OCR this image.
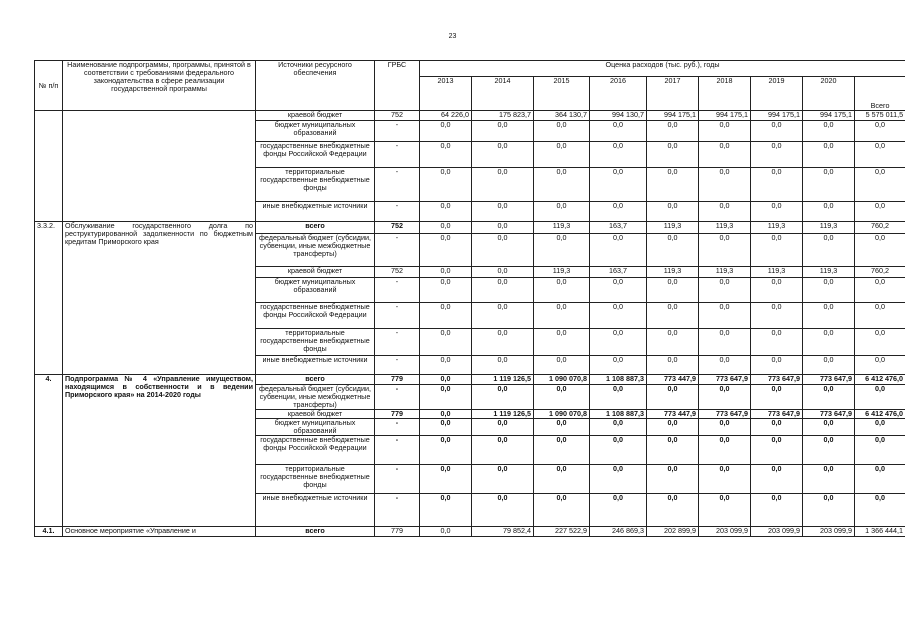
23
№ п/п	Наименование подпрограммы, программы, принятой в соответствии с требованиями федерального законодательства в сфере реализации государственной программы	Источники ресурсного обеспечения	ГРБС	Оценка расходов (тыс. руб.), годы								
				2013	2014	2015	2016	2017	2018	2019	2020	Всего
		краевой бюджет	752	64 226,0	175 823,7	364 130,7	994 130,7	994 175,1	994 175,1	994 175,1	994 175,1	5 575 011,5
		бюджет муниципальных образований	-	0,0	0,0	0,0	0,0	0,0	0,0	0,0	0,0	0,0
		государственные внебюджетные фонды Российской Федерации	-	0,0	0,0	0,0	0,0	0,0	0,0	0,0	0,0	0,0
		территориальные государственные внебюджетные фонды	-	0,0	0,0	0,0	0,0	0,0	0,0	0,0	0,0	0,0
		иные внебюджетные источники	-	0,0	0,0	0,0	0,0	0,0	0,0	0,0	0,0	0,0
3.3.2.	Обслуживание государственного долга по реструктурированной задолженности по бюджетным кредитам Приморского края	всего	752	0,0	0,0	119,3	163,7	119,3	119,3	119,3	119,3	760,2
		федеральный бюджет (субсидии, субвенции, иные межбюджетные трансферты)	-	0,0	0,0	0,0	0,0	0,0	0,0	0,0	0,0	0,0
		краевой бюджет	752	0,0	0,0	119,3	163,7	119,3	119,3	119,3	119,3	760,2
		бюджет муниципальных образований	-	0,0	0,0	0,0	0,0	0,0	0,0	0,0	0,0	0,0
		государственные внебюджетные фонды Российской Федерации	-	0,0	0,0	0,0	0,0	0,0	0,0	0,0	0,0	0,0
		территориальные государственные внебюджетные фонды	-	0,0	0,0	0,0	0,0	0,0	0,0	0,0	0,0	0,0
		иные внебюджетные источники	-	0,0	0,0	0,0	0,0	0,0	0,0	0,0	0,0	0,0
4.	Подпрограмма № 4 «Управление имуществом, находящимся в собственности и в ведении Приморского края» на 2014-2020 годы	всего	779	0,0	1 119 126,5	1 090 070,8	1 108 887,3	773 447,9	773 647,9	773 647,9	773 647,9	6 412 476,0
		федеральный бюджет (субсидии, субвенции, иные межбюджетные трансферты)	-	0,0	0,0	0,0	0,0	0,0	0,0	0,0	0,0	0,0
		краевой бюджет	779	0,0	1 119 126,5	1 090 070,8	1 108 887,3	773 447,9	773 647,9	773 647,9	773 647,9	6 412 476,0
		бюджет муниципальных образований	-	0,0	0,0	0,0	0,0	0,0	0,0	0,0	0,0	0,0
		государственные внебюджетные фонды Российской Федерации	-	0,0	0,0	0,0	0,0	0,0	0,0	0,0	0,0	0,0
		территориальные государственные внебюджетные фонды	-	0,0	0,0	0,0	0,0	0,0	0,0	0,0	0,0	0,0
		иные внебюджетные источники	-	0,0	0,0	0,0	0,0	0,0	0,0	0,0	0,0	0,0
4.1.	Основное мероприятие «Управление и	всего	779	0,0	79 852,4	227 522,9	246 869,3	202 899,9	203 099,9	203 099,9	203 099,9	1 366 444,1
